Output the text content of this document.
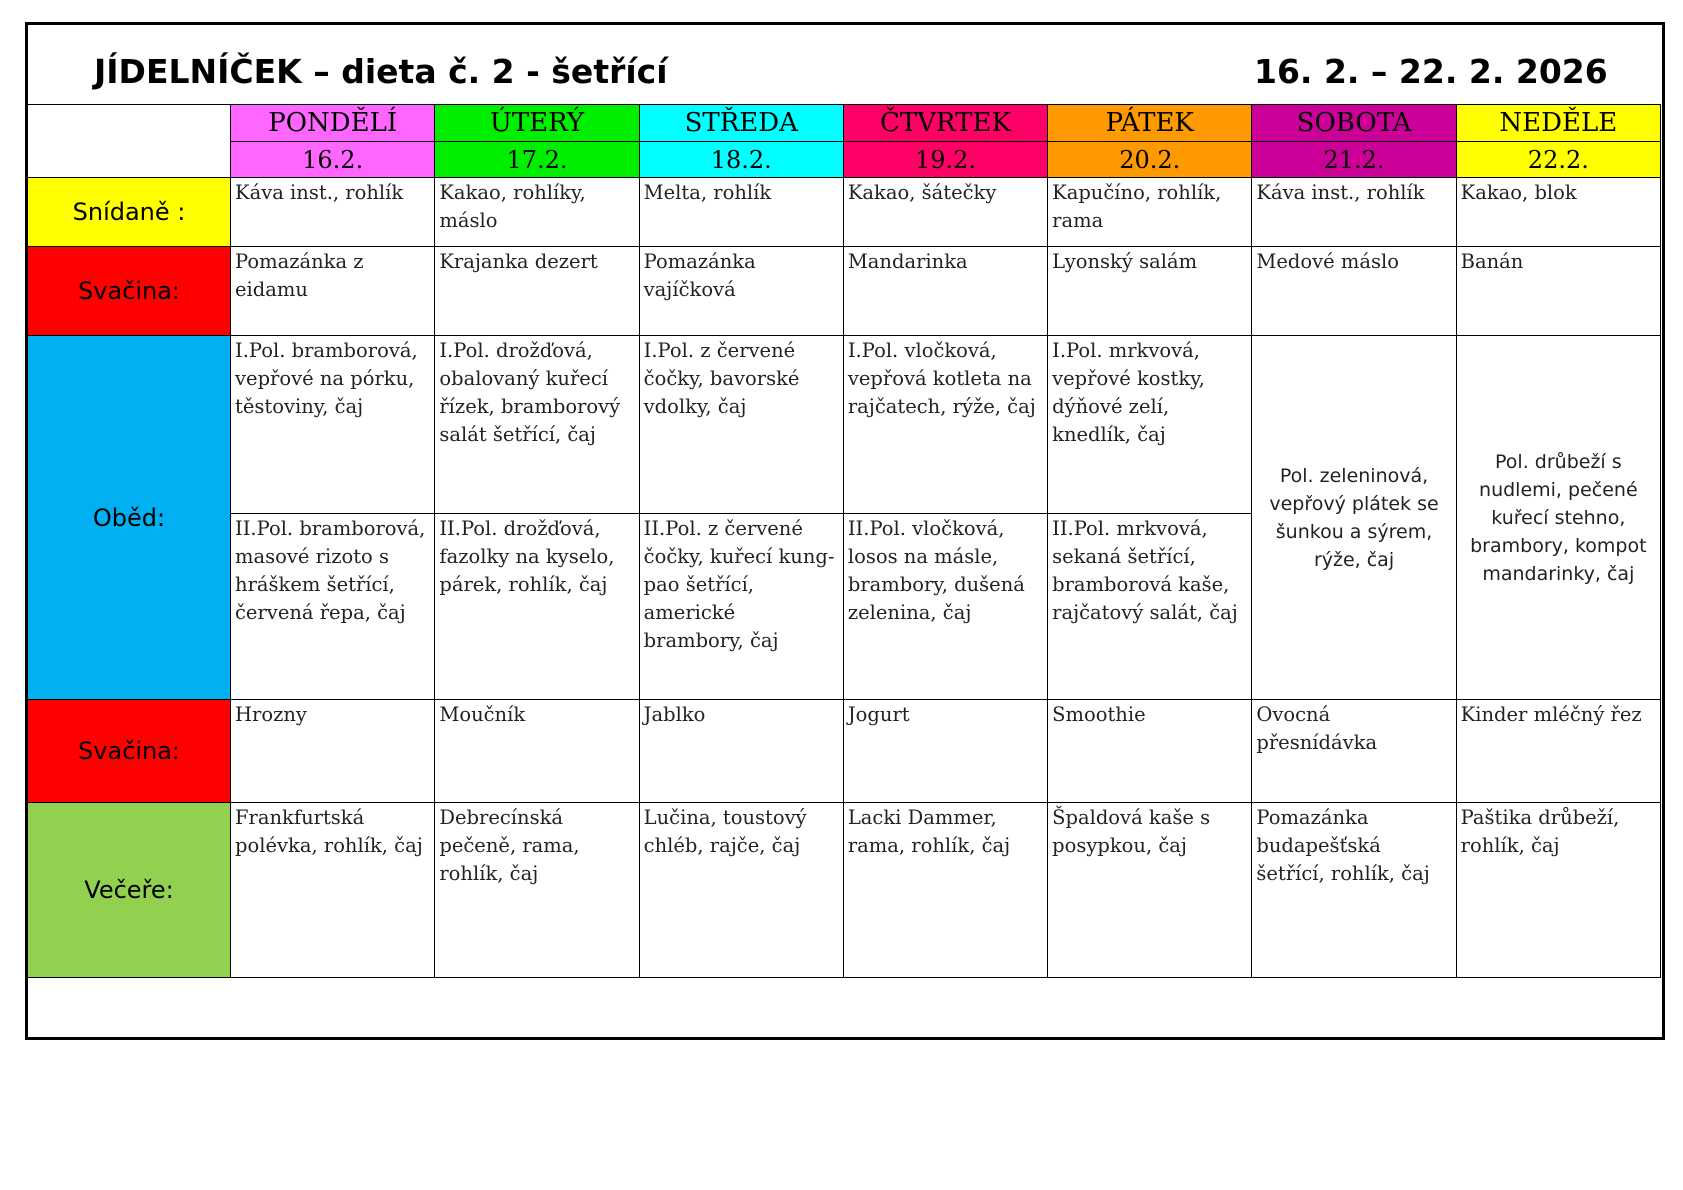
JÍDELNÍČEK – dieta č. 2 - šetřící	16. 2. – 22. 2. 2026
	PONDĚLÍ	ÚTERÝ	STŘEDA	ČTVRTEK	PÁTEK	SOBOTA	NEDĚLE
	16.2.	17.2.	18.2.	19.2.	20.2.	21.2.	22.2.
Snídaně :	Káva inst., rohlík	Kakao, rohlíky, máslo	Melta, rohlík	Kakao, šátečky	Kapučíno, rohlík, rama	Káva inst., rohlík	Kakao, blok
Svačina:	Pomazánka z eidamu	Krajanka dezert	Pomazánka vajíčková	Mandarinka	Lyonský salám	Medové máslo	Banán
Oběd:	I.Pol. bramborová, vepřové na pórku, těstoviny, čaj	I.Pol. drožďová, obalovaný kuřecí řízek, bramborový salát šetřící, čaj	I.Pol. z červené čočky, bavorské vdolky, čaj	I.Pol. vločková, vepřová kotleta na rajčatech, rýže, čaj	I.Pol. mrkvová, vepřové kostky, dýňové zelí, knedlík, čaj	Pol. zeleninová, vepřový plátek se šunkou a sýrem, rýže, čaj	Pol. drůbeží s nudlemi, pečené kuřecí stehno, brambory, kompot mandarinky, čaj
	II.Pol. bramborová, masové rizoto s hráškem šetřící, červená řepa, čaj	II.Pol. drožďová, fazolky na kyselo, párek, rohlík, čaj	II.Pol. z červené čočky, kuřecí kung-pao šetřící, americké brambory, čaj	II.Pol. vločková, losos na másle, brambory, dušená zelenina, čaj	II.Pol. mrkvová, sekaná šetřící, bramborová kaše, rajčatový salát, čaj		
Svačina:	Hrozny	Moučník	Jablko	Jogurt	Smoothie	Ovocná přesnídávka	Kinder mléčný řez
Večeře:	Frankfurtská polévka, rohlík, čaj	Debrecínská pečeně, rama, rohlík, čaj	Lučina, toustový chléb, rajče, čaj	Lacki Dammer, rama, rohlík, čaj	Špaldová kaše s posypkou, čaj	Pomazánka budapešťská šetřící, rohlík, čaj	Paštika drůbeží, rohlík, čaj
